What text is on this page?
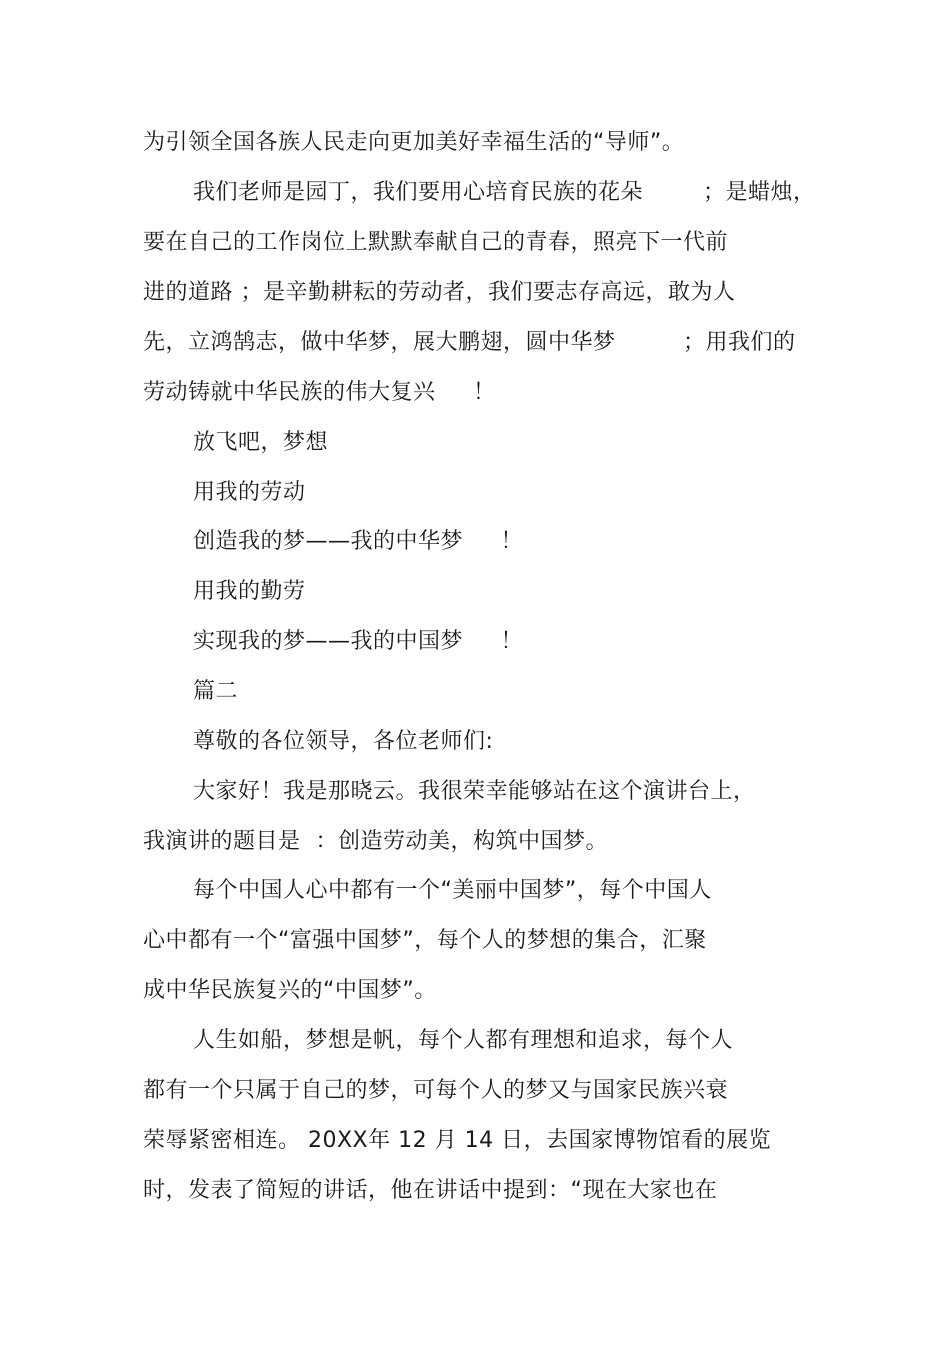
为引领全国各族人民走向更加美好幸福生活的“导师”。
我们老师是园丁，我们要用心培育民族的花朵        ；是蜡烛，
要在自己的工作岗位上默默奉献自己的青春，照亮下一代前
进的道路 ；是辛勤耕耘的劳动者，我们要志存高远，敢为人
先，立鸿鹄志，做中华梦，展大鹏翅，圆中华梦         ；用我们的
劳动铸就中华民族的伟大复兴     ！
放飞吧，梦想
用我的劳动
创造我的梦——我的中华梦     ！
用我的勤劳
实现我的梦——我的中国梦     ！
篇二
尊敬的各位领导，各位老师们:
大家好！我是那晓云。我很荣幸能够站在这个演讲台上，
我演讲的题目是  ：创造劳动美，构筑中国梦。
每个中国人心中都有一个“美丽中国梦”，每个中国人
心中都有一个“富强中国梦”，每个人的梦想的集合，汇聚
成中华民族复兴的“中国梦”。
人生如船，梦想是帆，每个人都有理想和追求，每个人
都有一个只属于自己的梦，可每个人的梦又与国家民族兴衰
荣辱紧密相连。 20XX年 12 月 14 日，去国家博物馆看的展览
时，发表了简短的讲话，他在讲话中提到：“现在大家也在
